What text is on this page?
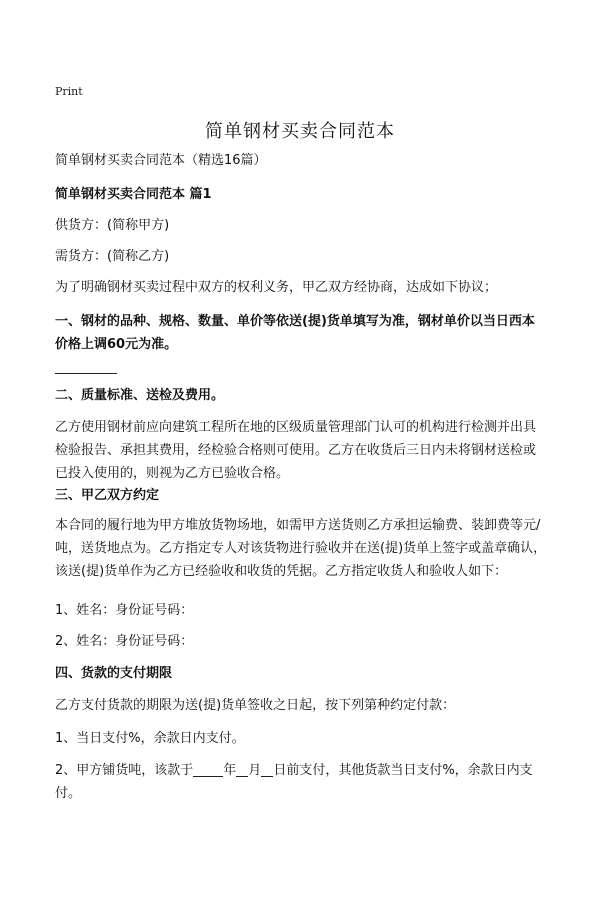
Print
简单钢材买卖合同范本
简单钢材买卖合同范本（精选16篇）
简单钢材买卖合同范本 篇1
供货方：(简称甲方)
需货方：(简称乙方)
为了明确钢材买卖过程中双方的权利义务，甲乙双方经协商，达成如下协议；
一、钢材的品种、规格、数量、单价等依送(提)货单填写为准，钢材单价以当日西本价格上调60元为准。
二、质量标准、送检及费用。
乙方使用钢材前应向建筑工程所在地的区级质量管理部门认可的机构进行检测并出具检验报告、承担其费用，经检验合格则可使用。乙方在收货后三日内未将钢材送检或已投入使用的，则视为乙方已验收合格。
三、甲乙双方约定
本合同的履行地为甲方堆放货物场地，如需甲方送货则乙方承担运输费、装卸费等元/吨，送货地点为。乙方指定专人对该货物进行验收并在送(提)货单上签字或盖章确认，该送(提)货单作为乙方已经验收和收货的凭据。乙方指定收货人和验收人如下：
1、姓名：身份证号码：
2、姓名：身份证号码：
四、货款的支付期限
乙方支付货款的期限为送(提)货单签收之日起，按下列第种约定付款：
1、当日支付%，余款日内支付。
2、甲方铺货吨，该款于 年 月 日前支付，其他货款当日支付%，余款日内支付。
